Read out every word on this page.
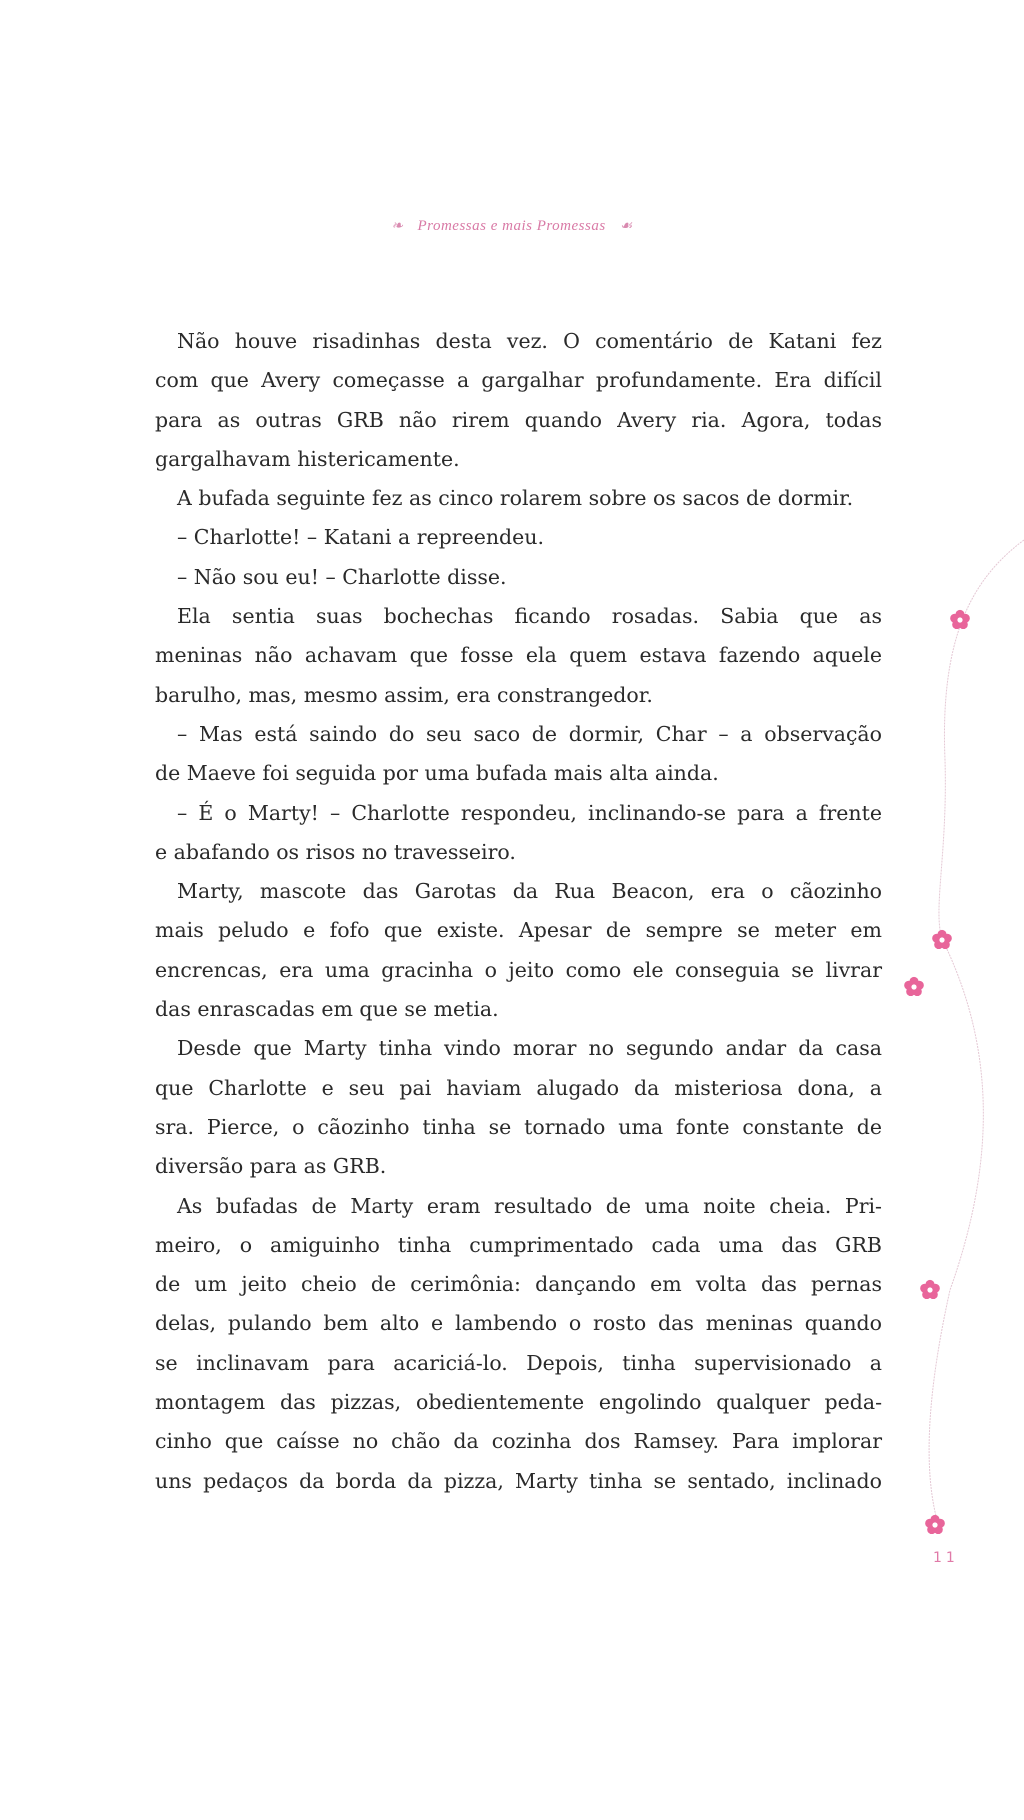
❧ Promessas e mais Promessas ☙
Não houve risadinhas desta vez. O comentário de Katani fez
com que Avery começasse a gargalhar profundamente. Era difícil
para as outras GRB não rirem quando Avery ria. Agora, todas
gargalhavam histericamente.
A bufada seguinte fez as cinco rolarem sobre os sacos de dormir.
– Charlotte! – Katani a repreendeu.
– Não sou eu! – Charlotte disse.
Ela sentia suas bochechas ficando rosadas. Sabia que as
meninas não achavam que fosse ela quem estava fazendo aquele
barulho, mas, mesmo assim, era constrangedor.
– Mas está saindo do seu saco de dormir, Char – a observação
de Maeve foi seguida por uma bufada mais alta ainda.
– É o Marty! – Charlotte respondeu, inclinando-se para a frente
e abafando os risos no travesseiro.
Marty, mascote das Garotas da Rua Beacon, era o cãozinho
mais peludo e fofo que existe. Apesar de sempre se meter em
encrencas, era uma gracinha o jeito como ele conseguia se livrar
das enrascadas em que se metia.
Desde que Marty tinha vindo morar no segundo andar da casa
que Charlotte e seu pai haviam alugado da misteriosa dona, a
sra. Pierce, o cãozinho tinha se tornado uma fonte constante de
diversão para as GRB.
As bufadas de Marty eram resultado de uma noite cheia. Pri-
meiro, o amiguinho tinha cumprimentado cada uma das GRB
de um jeito cheio de cerimônia: dançando em volta das pernas
delas, pulando bem alto e lambendo o rosto das meninas quando
se inclinavam para acariciá-lo. Depois, tinha supervisionado a
montagem das pizzas, obedientemente engolindo qualquer peda-
cinho que caísse no chão da cozinha dos Ramsey. Para implorar
uns pedaços da borda da pizza, Marty tinha se sentado, inclinado
11
